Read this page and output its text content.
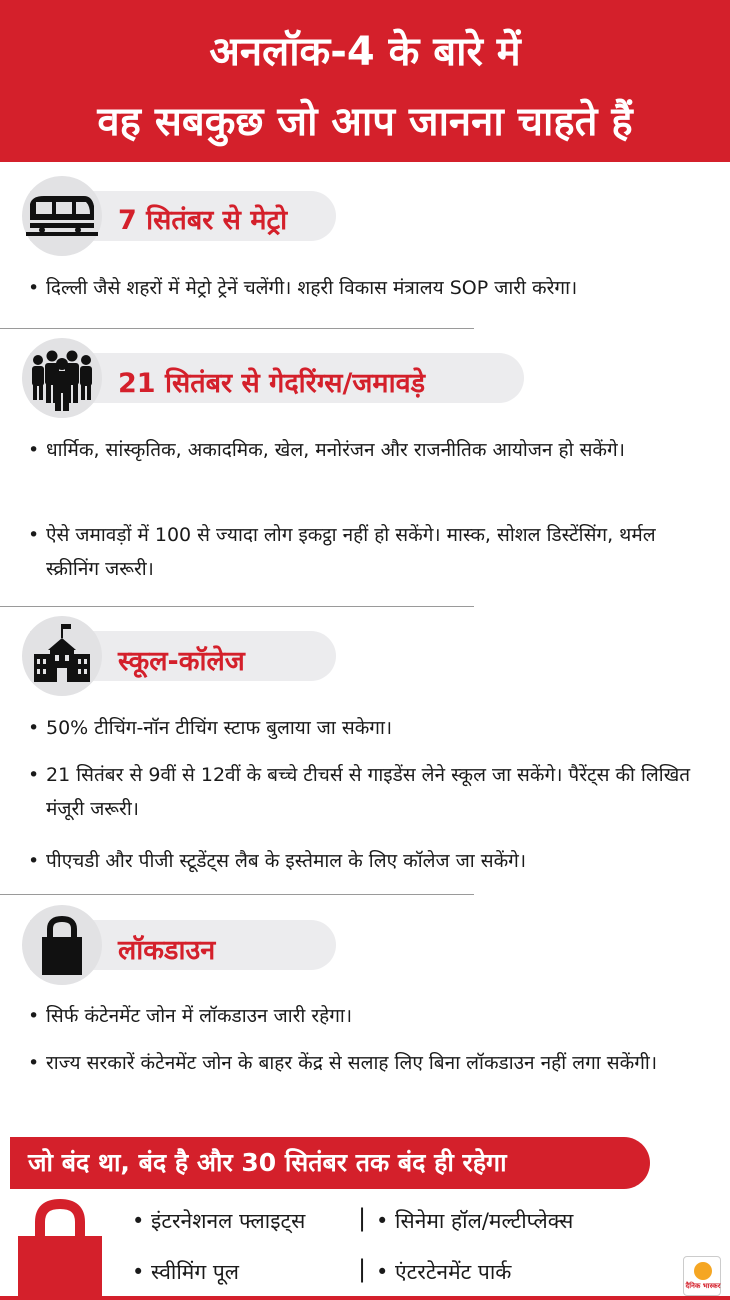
अनलॉक-4 के बारे में
वह सबकुछ जो आप जानना चाहते हैं
7 सितंबर से मेट्रो
• दिल्ली जैसे शहरों में मेट्रो ट्रेनें चलेंगी। शहरी विकास मंत्रालय SOP जारी करेगा।
21 सितंबर से गेदरिंग्स/जमावड़े
• धार्मिक, सांस्कृतिक, अकादमिक, खेल, मनोरंजन और राजनीतिक आयोजन हो सकेंगे।
• ऐसे जमावड़ों में 100 से ज्यादा लोग इकट्ठा नहीं हो सकेंगे। मास्क, सोशल डिस्टेंसिंग, थर्मल स्क्रीनिंग जरूरी।
स्कूल-कॉलेज
• 50% टीचिंग-नॉन टीचिंग स्टाफ बुलाया जा सकेगा।
• 21 सितंबर से 9वीं से 12वीं के बच्चे टीचर्स से गाइडेंस लेने स्कूल जा सकेंगे। पैरेंट्स की लिखित मंजूरी जरूरी।
• पीएचडी और पीजी स्टूडेंट्स लैब के इस्तेमाल के लिए कॉलेज जा सकेंगे।
लॉकडाउन
• सिर्फ कंटेनमेंट जोन में लॉकडाउन जारी रहेगा।
• राज्य सरकारें कंटेनमेंट जोन के बाहर केंद्र से सलाह लिए बिना लॉकडाउन नहीं लगा सकेंगी।
जो बंद था, बंद है और 30 सितंबर तक बंद ही रहेगा
• इंटरनेशनल फ्लाइट्स | • सिनेमा हॉल/मल्टीप्लेक्स
• स्वीमिंग पूल	| • एंटरटेनमेंट पार्क
दैनिक भास्कर
